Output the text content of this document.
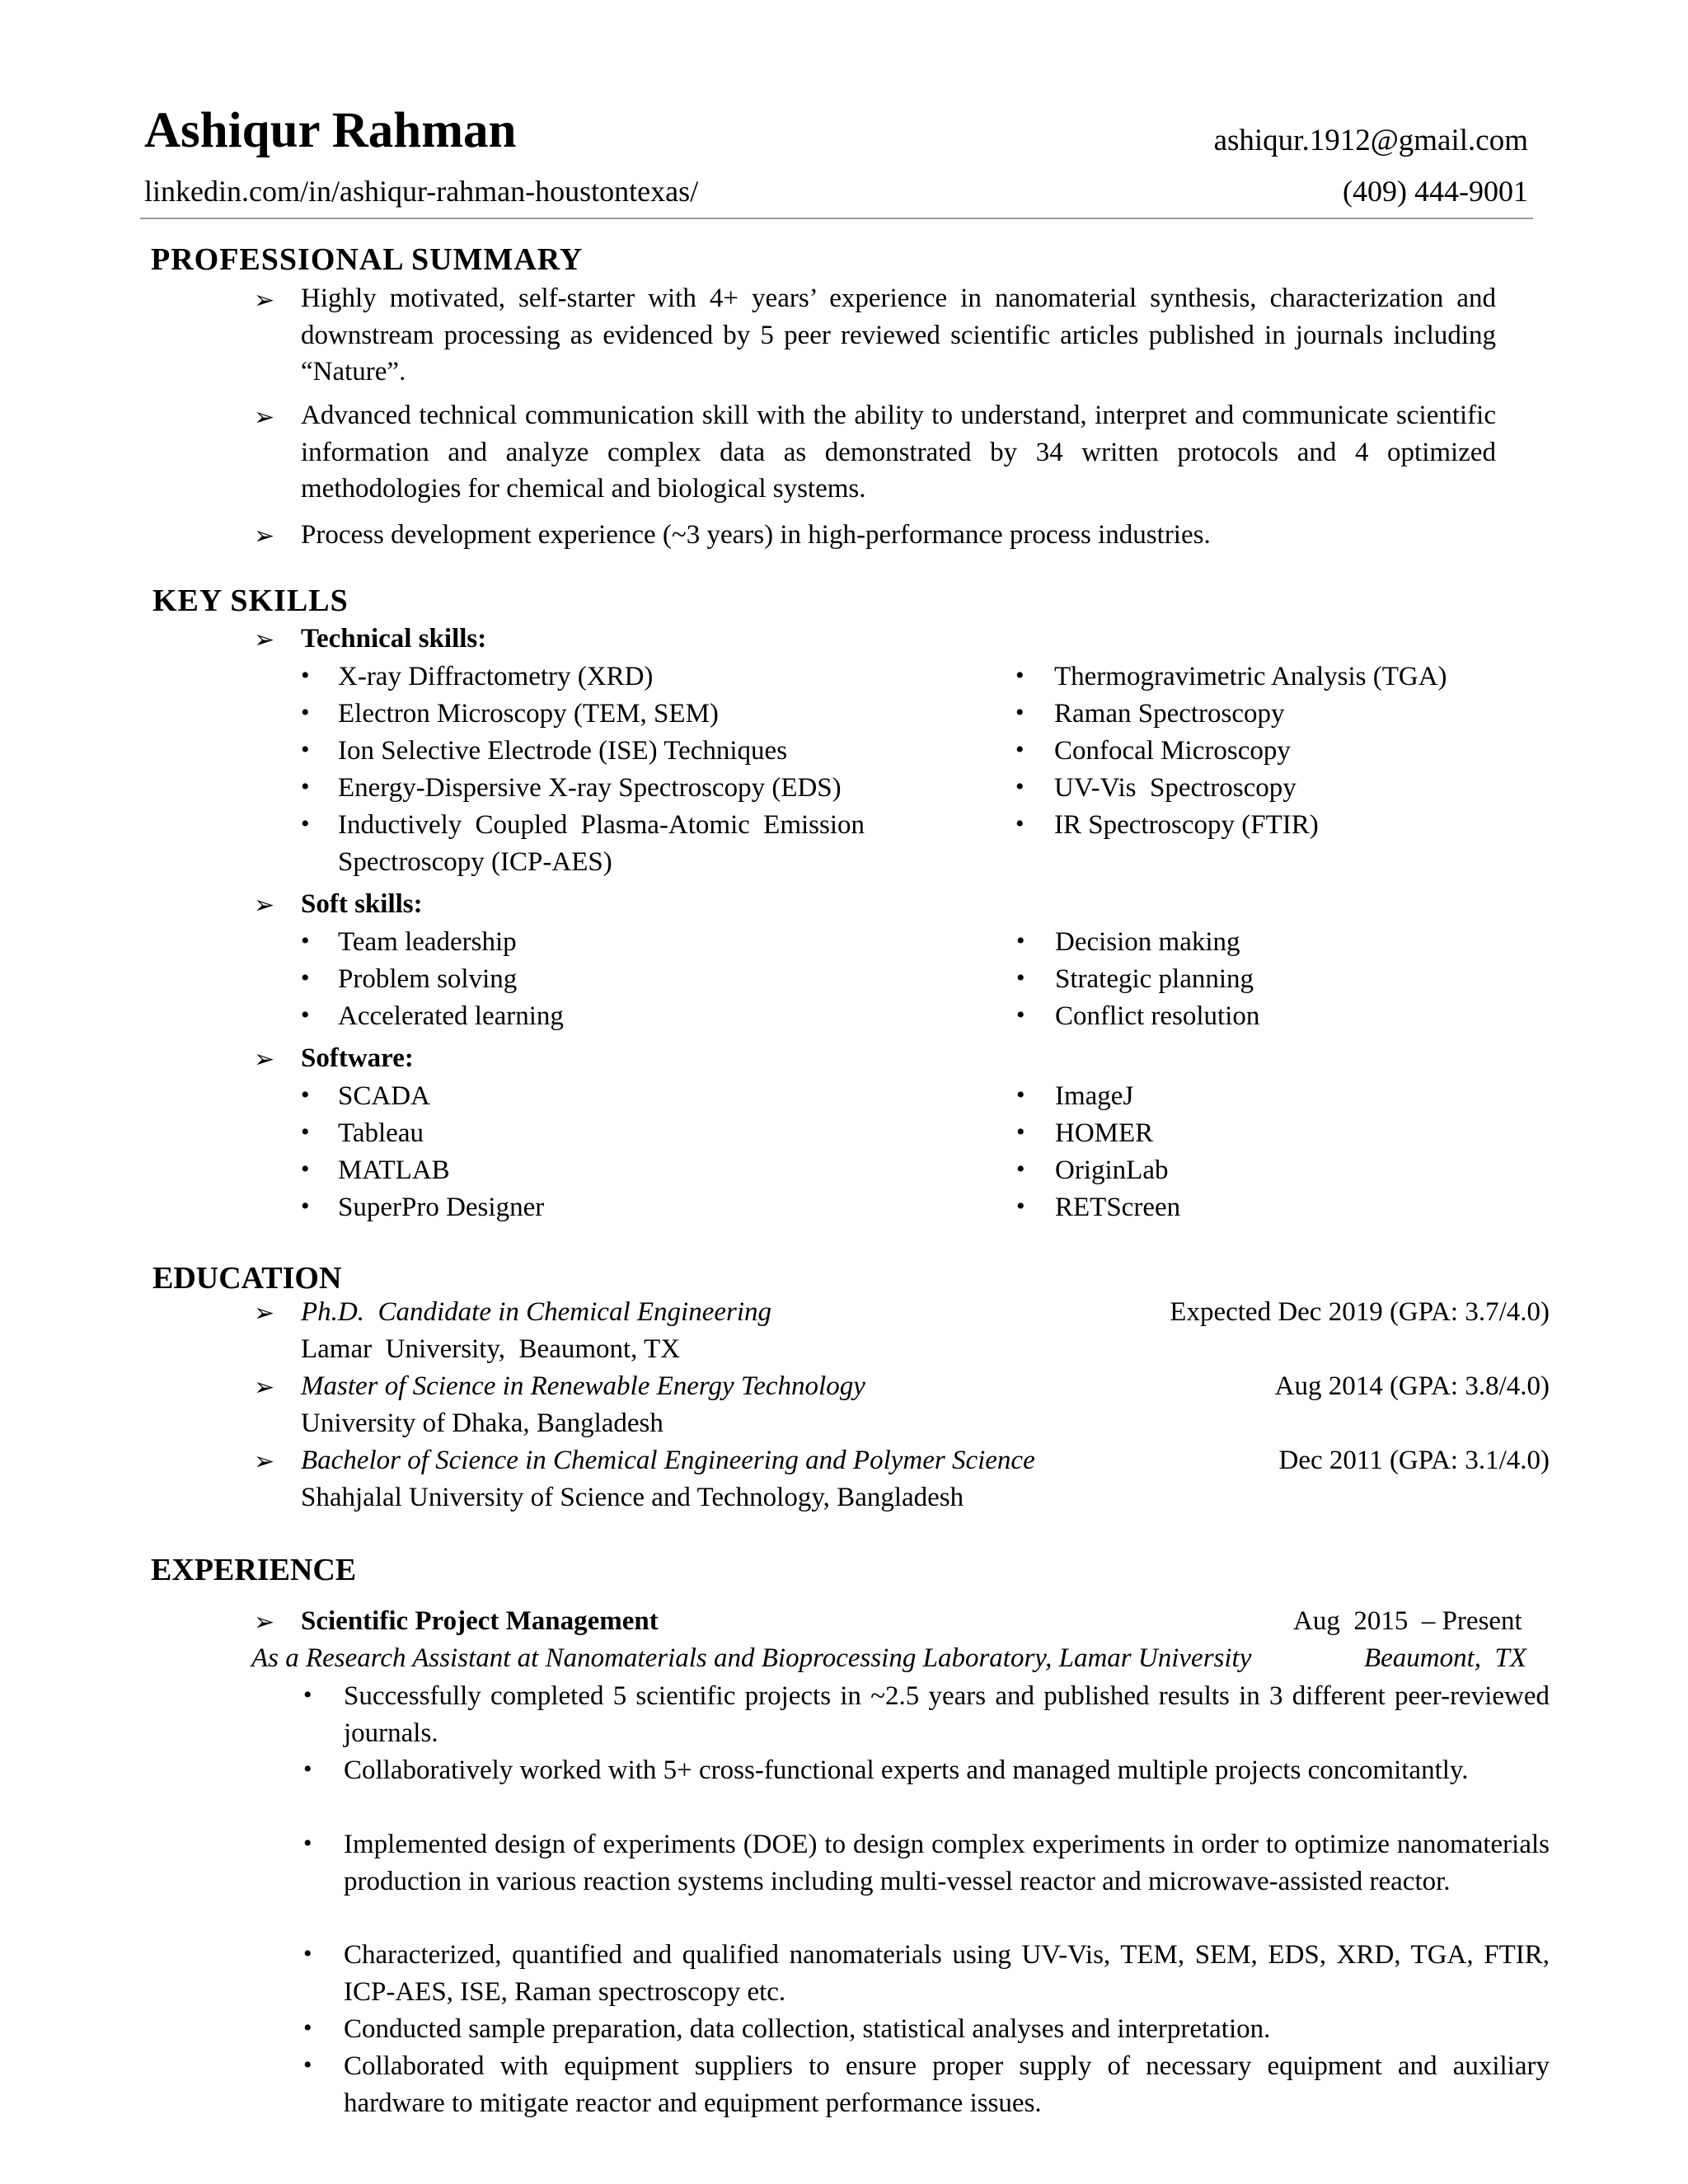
Ashiqur Rahman	ashiqur.1912@gmail.com
linkedin.com/in/ashiqur-rahman-houstontexas/	(409) 444-9001
PROFESSIONAL SUMMARY
➢ Highly motivated, self-starter with 4+ years’ experience in nanomaterial synthesis, characterization and downstream processing as evidenced by 5 peer reviewed scientific articles published in journals including “Nature”.
➢ Advanced technical communication skill with the ability to understand, interpret and communicate scientific information and analyze complex data as demonstrated by 34 written protocols and 4 optimized methodologies for chemical and biological systems.
➢ Process development experience (~3 years) in high-performance process industries.
KEY SKILLS
➢ Technical skills:
• X-ray Diffractometry (XRD)
• Electron Microscopy (TEM, SEM)
• Ion Selective Electrode (ISE) Techniques
• Energy-Dispersive X-ray Spectroscopy (EDS)
• Inductively Coupled Plasma-Atomic Emission
Spectroscopy (ICP-AES)
• Thermogravimetric Analysis (TGA)
• Raman Spectroscopy
• Confocal Microscopy
• UV-Vis  Spectroscopy
• IR Spectroscopy (FTIR)
➢ Soft skills:
• Team leadership
• Problem solving
• Accelerated learning
• Decision making
• Strategic planning
• Conflict resolution
➢ Software:
• SCADA
• Tableau
• MATLAB
• SuperPro Designer
• ImageJ
• HOMER
• OriginLab
• RETScreen
EDUCATION
➢ Ph.D.  Candidate in Chemical Engineering	Expected Dec 2019 (GPA: 3.7/4.0)
Lamar  University,  Beaumont, TX
➢ Master of Science in Renewable Energy Technology	Aug 2014 (GPA: 3.8/4.0)
University of Dhaka, Bangladesh
➢ Bachelor of Science in Chemical Engineering and Polymer Science	Dec 2011 (GPA: 3.1/4.0)
Shahjalal University of Science and Technology, Bangladesh
EXPERIENCE
➢ Scientific Project Management	Aug  2015  – Present
As a Research Assistant at Nanomaterials and Bioprocessing Laboratory, Lamar University	Beaumont,  TX
• Successfully completed 5 scientific projects in ~2.5 years and published results in 3 different peer-reviewed journals.
• Collaboratively worked with 5+ cross-functional experts and managed multiple projects concomitantly.
• Implemented design of experiments (DOE) to design complex experiments in order to optimize nanomaterials production in various reaction systems including multi-vessel reactor and microwave-assisted reactor.
• Characterized, quantified and qualified nanomaterials using UV-Vis, TEM, SEM, EDS, XRD, TGA, FTIR, ICP-AES, ISE, Raman spectroscopy etc.
• Conducted sample preparation, data collection, statistical analyses and interpretation.
• Collaborated with equipment suppliers to ensure proper supply of necessary equipment and auxiliary hardware to mitigate reactor and equipment performance issues.
